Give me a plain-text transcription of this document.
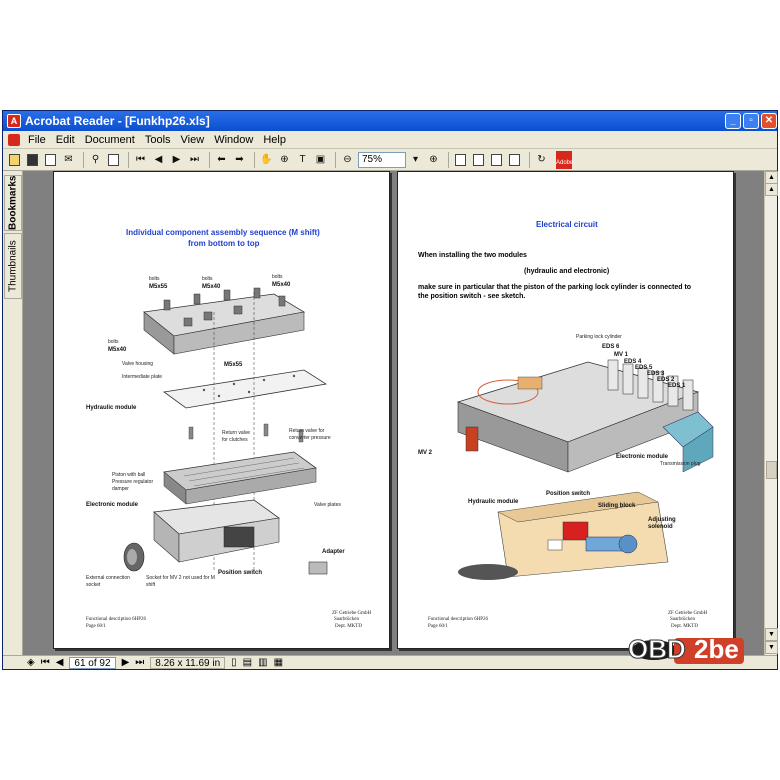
A Acrobat Reader - [Funkhp26.xls]	_	▫	✕
File Edit Document Tools View Window Help
✉	⚲	⏮ ◀	▶ ⏭	⬅ ➡	✋ ⊕	T	▣	⊖	75%	▾	⊕	↻	Adobe
Bookmarks
Thumbnails
Individual component assembly sequence (M shift)
from bottom to top
bolts
M5x55
bolts
M5x40
bolts
M5x40
bolts
M5x40
Valve housing	M5x55
Intermediate plate
Hydraulic module
Return valve
for clutches
Return valve for
converter pressure
Piston with ball
Pressure regulator
damper
Electronic module	Valve plates
Adapter
External connection
socket
Socket for MV 2 not used for M
shift
Position switch
Functional description 6HP26
Page 60/1
ZF Getriebe GmbH
Saarbrücken
Dept. MKTD
Electrical circuit
When installing the two modules
(hydraulic and electronic)
make sure in particular that the piston of the parking lock cylinder is connected to
the position switch - see sketch.
Parking lock cylinder
EDS 6
MV 1
EDS 4
EDS 5
EDS 3
EDS 2
EDS 1
MV 2
Transmission plug
Electronic module
Hydraulic module
Position switch
Sliding block
Adjusting
solenoid
Functional description 6HP26
Page 60/1
ZF Getriebe GmbH
Saarbrücken
Dept. MKTD
▲
▲
▼
▼
◈ ⏮ ◀	61 of 92	▶ ⏭	8.26 x 11.69 in	▯ ▤ ▥ ▦	OBD 2be
